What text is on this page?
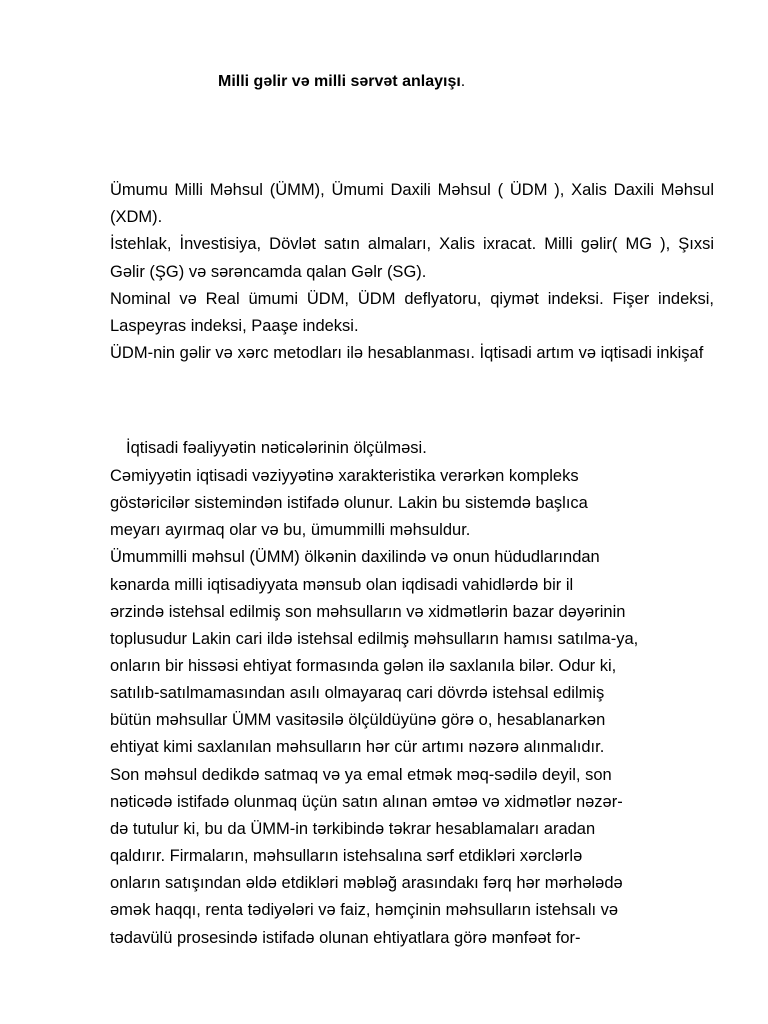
Milli gəlir və milli sərvət anlayışı.

Ümumu Milli Məhsul (ÜMM), Ümumi Daxili Məhsul ( ÜDM ), Xalis Daxili Məhsul (XDM).

İstehlak, İnvestisiya, Dövlət satın almaları, Xalis ixracat. Milli gəlir( MG ), Şıxsi Gəlir (ŞG) və sərəncamda qalan Gəlr (SG).

Nominal və Real ümumi ÜDM, ÜDM deflyatoru, qiymət indeksi. Fişer indeksi, Laspeyras indeksi, Paaşe indeksi.

ÜDM-nin gəlir və xərc metodları ilə hesablanması. İqtisadi artım və iqtisadi inkişaf

İqtisadi fəaliyyətin nəticələrinin ölçülməsi.
Cəmiyyətin iqtisadi vəziyyətinə xarakteristika verərkən kompleks
göstəricilər sistemindən istifadə olunur. Lakin bu sistemdə başlıca
meyarı ayırmaq olar və bu, ümummilli məhsuldur.
Ümummilli məhsul (ÜMM) ölkənin daxilində və onun hüdudlarından
kənarda milli iqtisadiyyata mənsub olan iqdisadi vahidlərdə bir il
ərzində istehsal edilmiş son məhsulların və xidmətlərin bazar dəyərinin
toplusudur Lakin cari ildə istehsal edilmiş məhsulların hamısı satılma-ya,
onların bir hissəsi ehtiyat formasında gələn ilə saxlanıla bilər. Odur ki,
satılıb-satılmamasından asılı olmayaraq cari dövrdə istehsal edilmiş
bütün məhsullar ÜMM vasitəsilə ölçüldüyünə görə o, hesablanarkən
ehtiyat kimi saxlanılan məhsulların hər cür artımı nəzərə alınmalıdır.
Son məhsul dedikdə satmaq və ya emal etmək məq-sədilə deyil, son
nəticədə istifadə olunmaq üçün satın alınan əmtəə və xidmətlər nəzər-
də tutulur ki, bu da ÜMM-in tərkibində təkrar hesablamaları aradan
qaldırır. Firmaların, məhsulların istehsalına sərf etdikləri xərclərlə
onların satışından əldə etdikləri məbləğ arasındakı fərq hər mərhələdə
əmək haqqı, renta tədiyələri və faiz, həmçinin məhsulların istehsalı və
tədavülü prosesində istifadə olunan ehtiyatlara görə mənfəət for-
